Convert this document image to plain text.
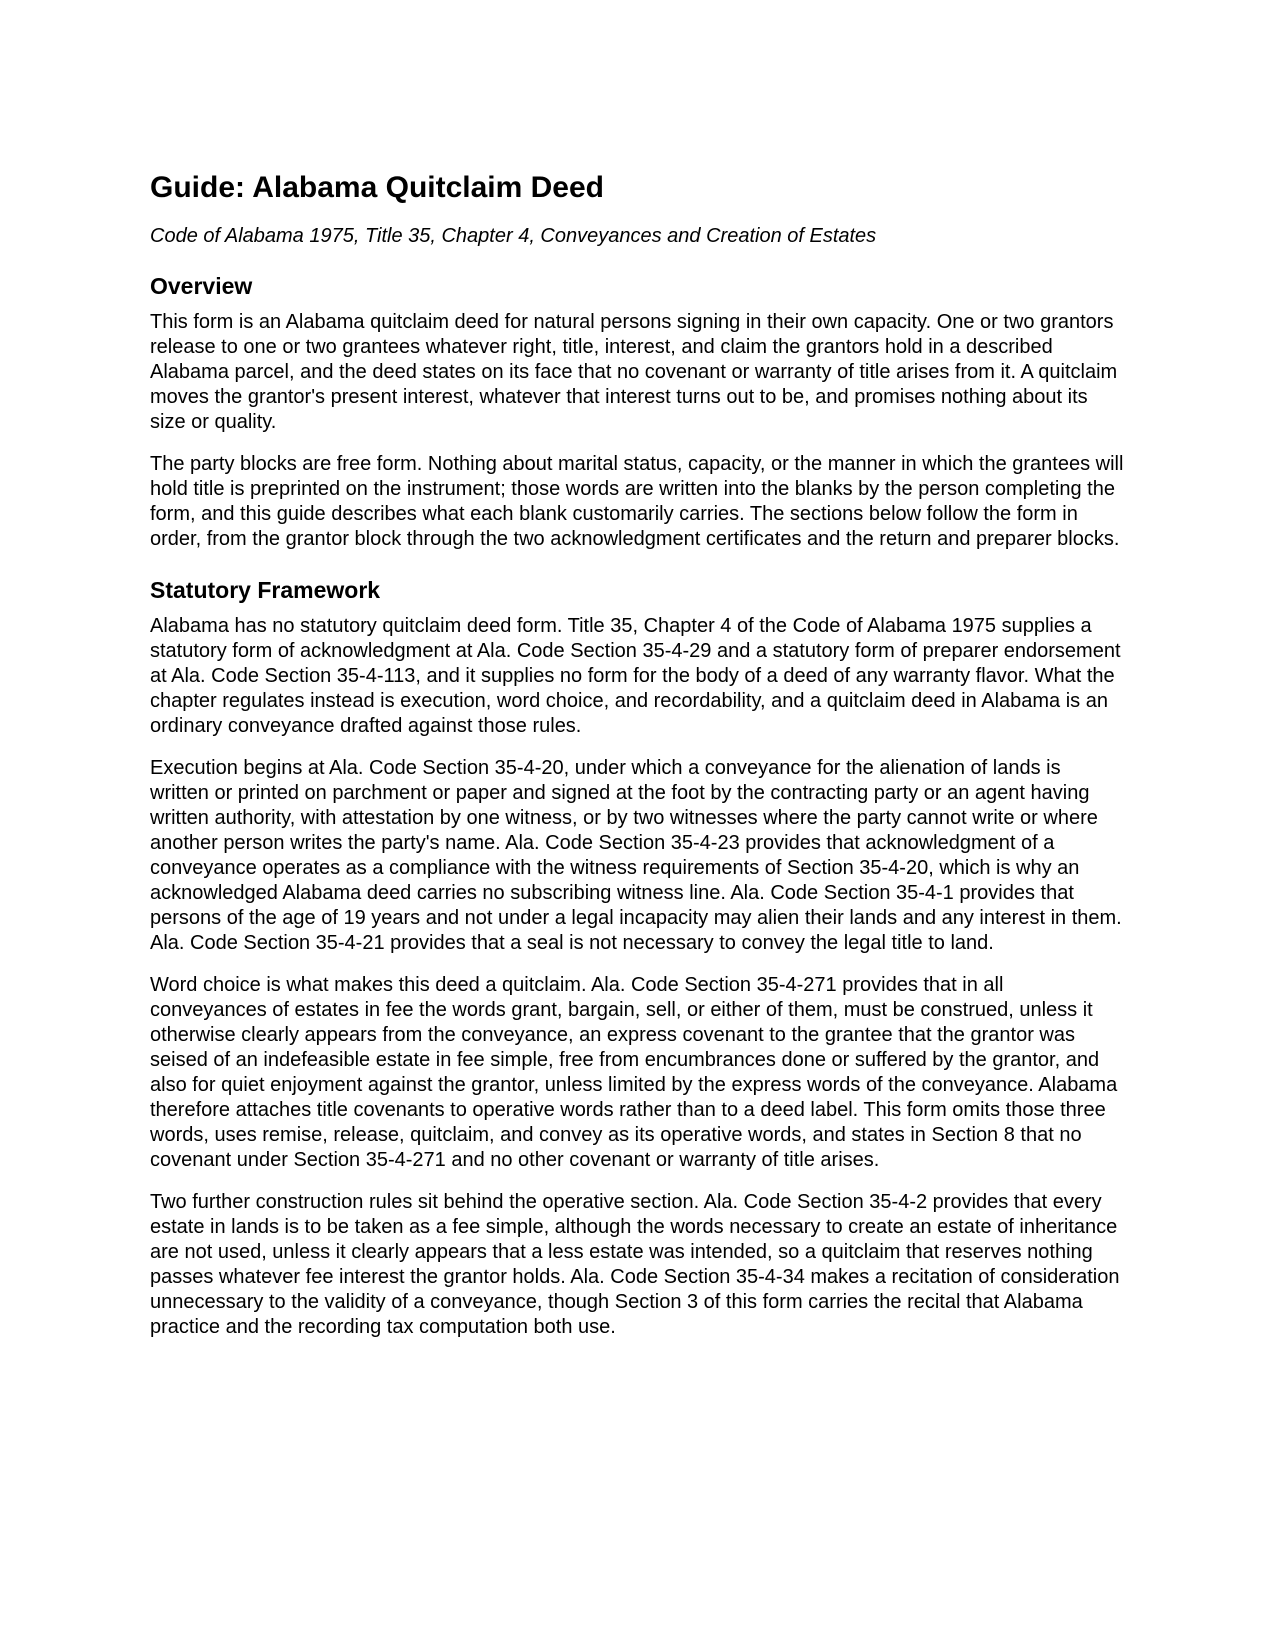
Guide: Alabama Quitclaim Deed

Code of Alabama 1975, Title 35, Chapter 4, Conveyances and Creation of Estates

Overview

This form is an Alabama quitclaim deed for natural persons signing in their own capacity. One or two grantors release to one or two grantees whatever right, title, interest, and claim the grantors hold in a described Alabama parcel, and the deed states on its face that no covenant or warranty of title arises from it. A quitclaim moves the grantor's present interest, whatever that interest turns out to be, and promises nothing about its size or quality.

The party blocks are free form. Nothing about marital status, capacity, or the manner in which the grantees will hold title is preprinted on the instrument; those words are written into the blanks by the person completing the form, and this guide describes what each blank customarily carries. The sections below follow the form in order, from the grantor block through the two acknowledgment certificates and the return and preparer blocks.

Statutory Framework

Alabama has no statutory quitclaim deed form. Title 35, Chapter 4 of the Code of Alabama 1975 supplies a statutory form of acknowledgment at Ala. Code Section 35-4-29 and a statutory form of preparer endorsement at Ala. Code Section 35-4-113, and it supplies no form for the body of a deed of any warranty flavor. What the chapter regulates instead is execution, word choice, and recordability, and a quitclaim deed in Alabama is an ordinary conveyance drafted against those rules.

Execution begins at Ala. Code Section 35-4-20, under which a conveyance for the alienation of lands is written or printed on parchment or paper and signed at the foot by the contracting party or an agent having written authority, with attestation by one witness, or by two witnesses where the party cannot write or where another person writes the party's name. Ala. Code Section 35-4-23 provides that acknowledgment of a conveyance operates as a compliance with the witness requirements of Section 35-4-20, which is why an acknowledged Alabama deed carries no subscribing witness line. Ala. Code Section 35-4-1 provides that persons of the age of 19 years and not under a legal incapacity may alien their lands and any interest in them. Ala. Code Section 35-4-21 provides that a seal is not necessary to convey the legal title to land.

Word choice is what makes this deed a quitclaim. Ala. Code Section 35-4-271 provides that in all conveyances of estates in fee the words grant, bargain, sell, or either of them, must be construed, unless it otherwise clearly appears from the conveyance, an express covenant to the grantee that the grantor was seised of an indefeasible estate in fee simple, free from encumbrances done or suffered by the grantor, and also for quiet enjoyment against the grantor, unless limited by the express words of the conveyance. Alabama therefore attaches title covenants to operative words rather than to a deed label. This form omits those three words, uses remise, release, quitclaim, and convey as its operative words, and states in Section 8 that no covenant under Section 35-4-271 and no other covenant or warranty of title arises.

Two further construction rules sit behind the operative section. Ala. Code Section 35-4-2 provides that every estate in lands is to be taken as a fee simple, although the words necessary to create an estate of inheritance are not used, unless it clearly appears that a less estate was intended, so a quitclaim that reserves nothing passes whatever fee interest the grantor holds. Ala. Code Section 35-4-34 makes a recitation of consideration unnecessary to the validity of a conveyance, though Section 3 of this form carries the recital that Alabama practice and the recording tax computation both use.
